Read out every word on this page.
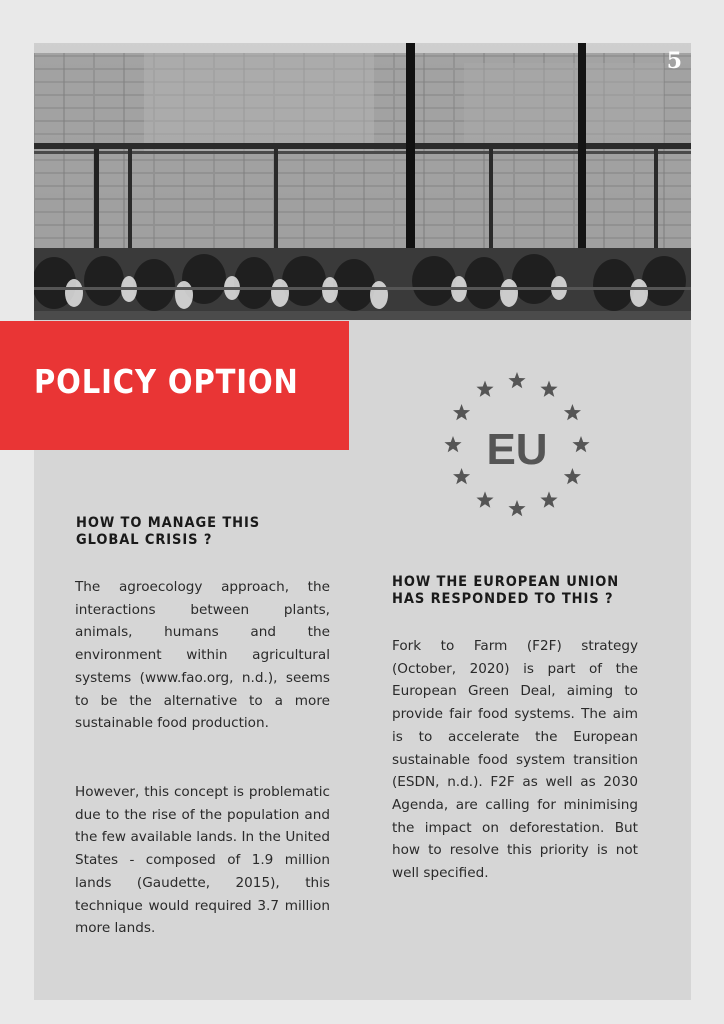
5
POLICY OPTION
EU
HOW TO MANAGE THIS GLOBAL CRISIS ?

The agroecology approach, the interactions between plants, animals, humans and the environment within agricultural systems (www.fao.org, n.d.), seems to be the alternative to a more sustainable food production.

However, this concept is problematic due to the rise of the population and the few available lands. In the United States - composed of 1.9 million lands (Gaudette, 2015), this technique would required 3.7 million more lands.

HOW THE EUROPEAN UNION HAS RESPONDED TO THIS ?

Fork to Farm (F2F) strategy (October, 2020) is part of the European Green Deal, aiming to provide fair food systems. The aim is to accelerate the European sustainable food system transition (ESDN, n.d.). F2F as well as 2030 Agenda, are calling for minimising the impact on deforestation. But how to resolve this priority is not well specified.
